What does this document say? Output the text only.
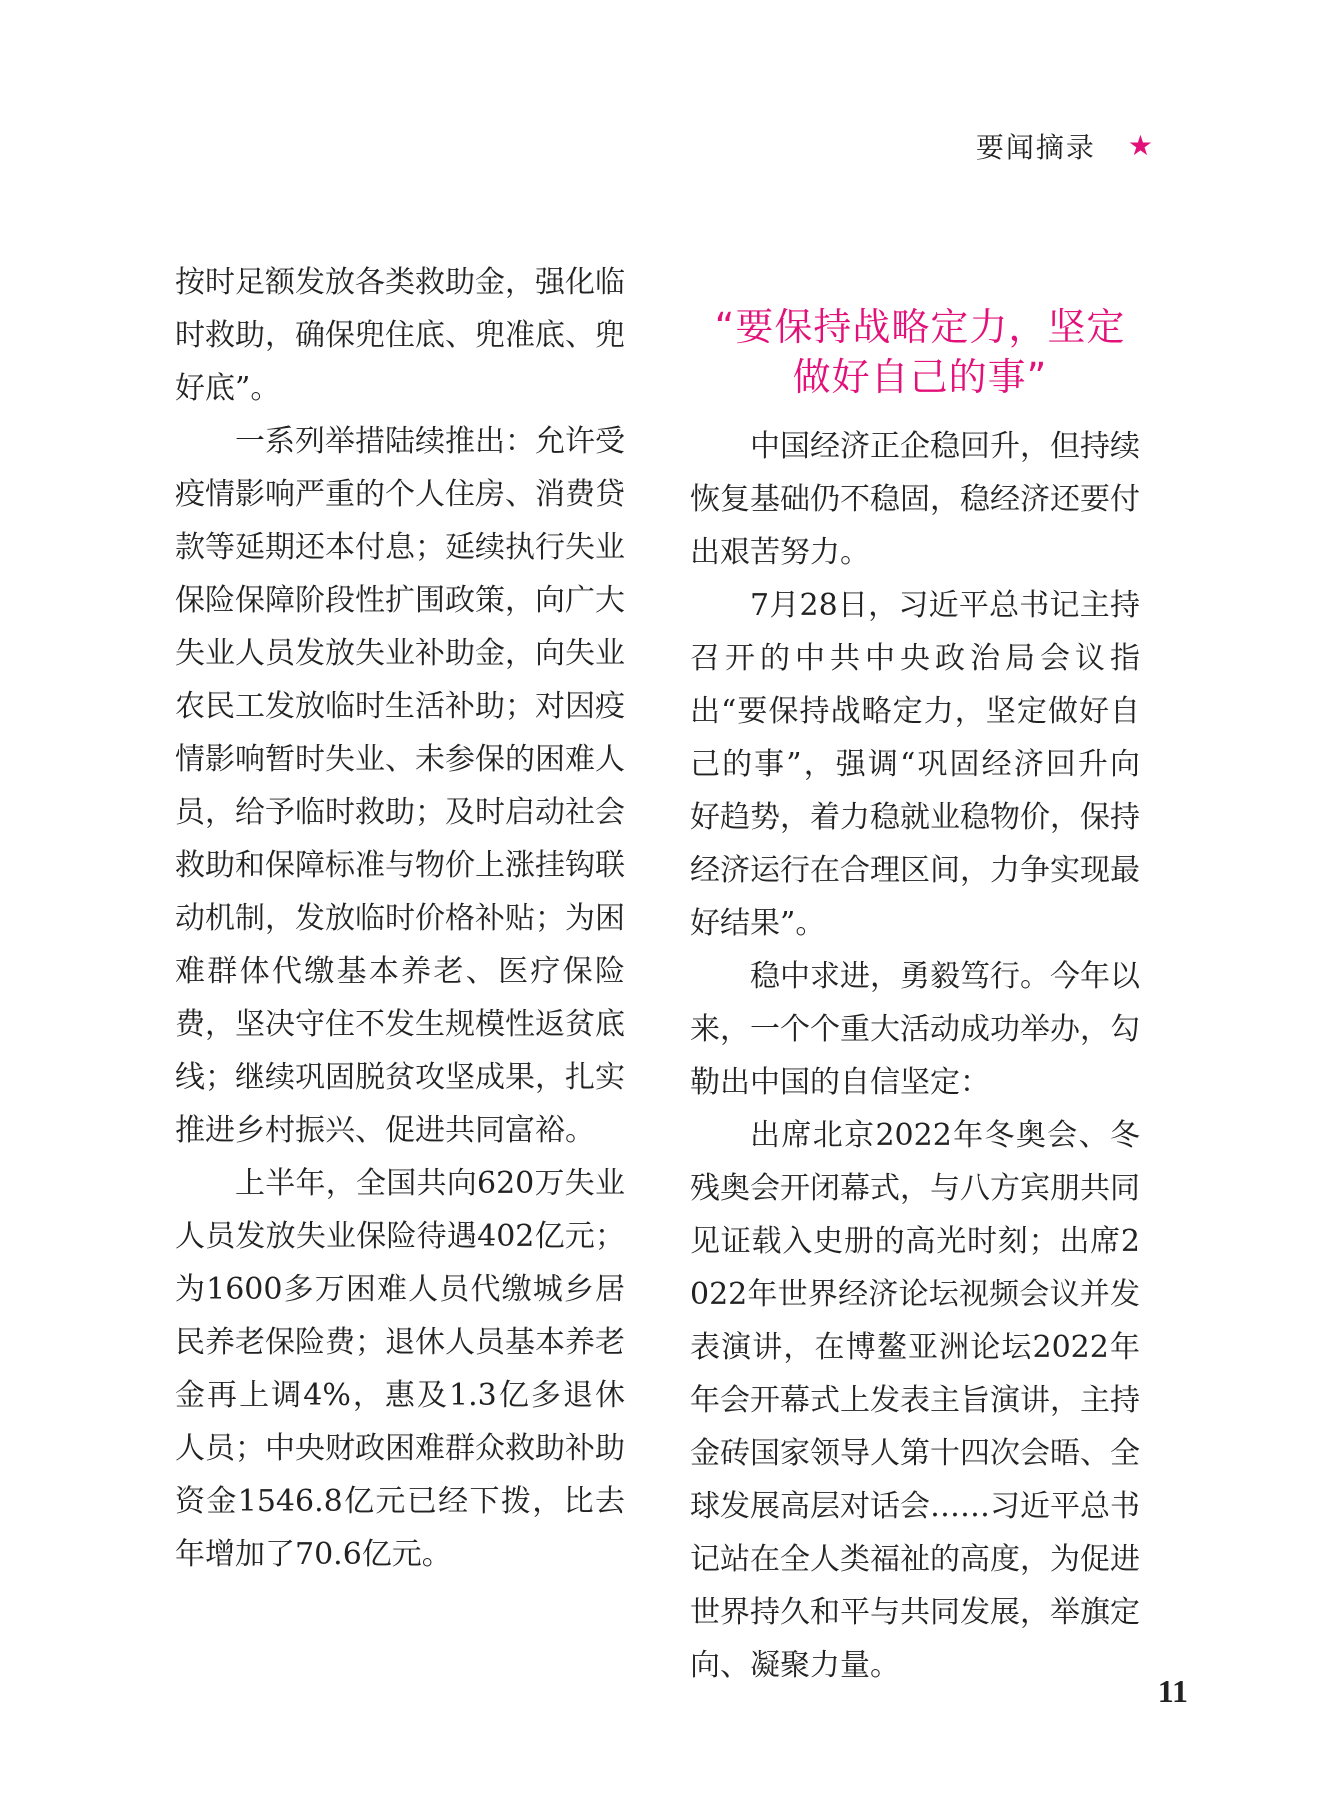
要闻摘录 ★

按时足额发放各类救助金，强化临时救助，确保兜住底、兜准底、兜好底”。

一系列举措陆续推出：允许受疫情影响严重的个人住房、消费贷款等延期还本付息；延续执行失业保险保障阶段性扩围政策，向广大失业人员发放失业补助金，向失业农民工发放临时生活补助；对因疫情影响暂时失业、未参保的困难人员，给予临时救助；及时启动社会救助和保障标准与物价上涨挂钩联动机制，发放临时价格补贴；为困难群体代缴基本养老、医疗保险费，坚决守住不发生规模性返贫底线；继续巩固脱贫攻坚成果，扎实推进乡村振兴、促进共同富裕。

上半年，全国共向620万失业人员发放失业保险待遇402亿元；为1600多万困难人员代缴城乡居民养老保险费；退休人员基本养老金再上调4%，惠及1.3亿多退休人员；中央财政困难群众救助补助资金1546.8亿元已经下拨，比去年增加了70.6亿元。

“要保持战略定力，坚定
做好自己的事”

中国经济正企稳回升，但持续恢复基础仍不稳固，稳经济还要付出艰苦努力。

7月28日，习近平总书记主持召开的中共中央政治局会议指出“要保持战略定力，坚定做好自己的事”，强调“巩固经济回升向好趋势，着力稳就业稳物价，保持经济运行在合理区间，力争实现最好结果”。

稳中求进，勇毅笃行。今年以来，一个个重大活动成功举办，勾勒出中国的自信坚定：

出席北京2022年冬奥会、冬残奥会开闭幕式，与八方宾朋共同见证载入史册的高光时刻；出席2022年世界经济论坛视频会议并发表演讲，在博鳌亚洲论坛2022年年会开幕式上发表主旨演讲，主持金砖国家领导人第十四次会晤、全球发展高层对话会……习近平总书记站在全人类福祉的高度，为促进世界持久和平与共同发展，举旗定向、凝聚力量。

11
